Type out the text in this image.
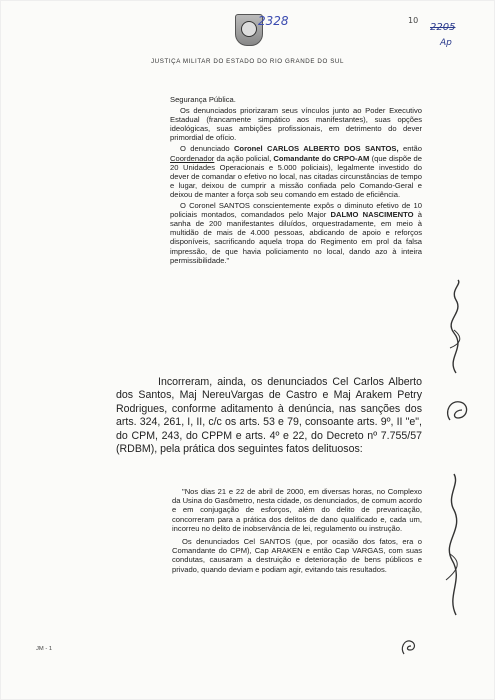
2328	10
2205
Ap
JUSTIÇA MILITAR DO ESTADO DO RIO GRANDE DO SUL

Segurança Pública.

Os denunciados priorizaram seus vínculos junto ao Poder Executivo Estadual (francamente simpático aos manifestantes), suas opções ideológicas, suas ambições profissionais, em detrimento do dever primordial de ofício.

O denunciado Coronel CARLOS ALBERTO DOS SANTOS, então Coordenador da ação policial, Comandante do CRPO-AM (que dispõe de 20 Unidades Operacionais e 5.000 policiais), legalmente investido do dever de comandar o efetivo no local, nas citadas circunstâncias de tempo e lugar, deixou de cumprir a missão confiada pelo Comando-Geral e deixou de manter a força sob seu comando em estado de eficiência.

O Coronel SANTOS conscientemente expôs o diminuto efetivo de 10 policiais montados, comandados pelo Major DALMO NASCIMENTO à sanha de 200 manifestantes diluídos, orquestradamente, em meio à multidão de mais de 4.000 pessoas, abdicando de apoio e reforços disponíveis, sacrificando aquela tropa do Regimento em prol da falsa impressão, de que havia policiamento no local, dando azo à inteira permissibilidade."

Incorreram, ainda, os denunciados Cel Carlos Alberto dos Santos, Maj NereuVargas de Castro e Maj Arakem Petry Rodrigues, conforme aditamento à denúncia, nas sanções dos arts. 324, 261, I, II, c/c os arts. 53 e 79, consoante arts. 9º, II "e", do CPM, 243, do CPPM e arts. 4º e 22, do Decreto nº 7.755/57 (RDBM), pela prática dos seguintes fatos delituosos:

"Nos dias 21 e 22 de abril de 2000, em diversas horas, no Complexo da Usina do Gasômetro, nesta cidade, os denunciados, de comum acordo e em conjugação de esforços, além do delito de prevaricação, concorreram para a prática dos delitos de dano qualificado e, cada um, incorreu no delito de inobservância de lei, regulamento ou instrução.

Os denunciados Cel SANTOS (que, por ocasião dos fatos, era o Comandante do CPM), Cap ARAKEN e então Cap VARGAS, com suas condutas, causaram a destruição e deterioração de bens públicos e privado, quando deviam e podiam agir, evitando tais resultados.

JM - 1
